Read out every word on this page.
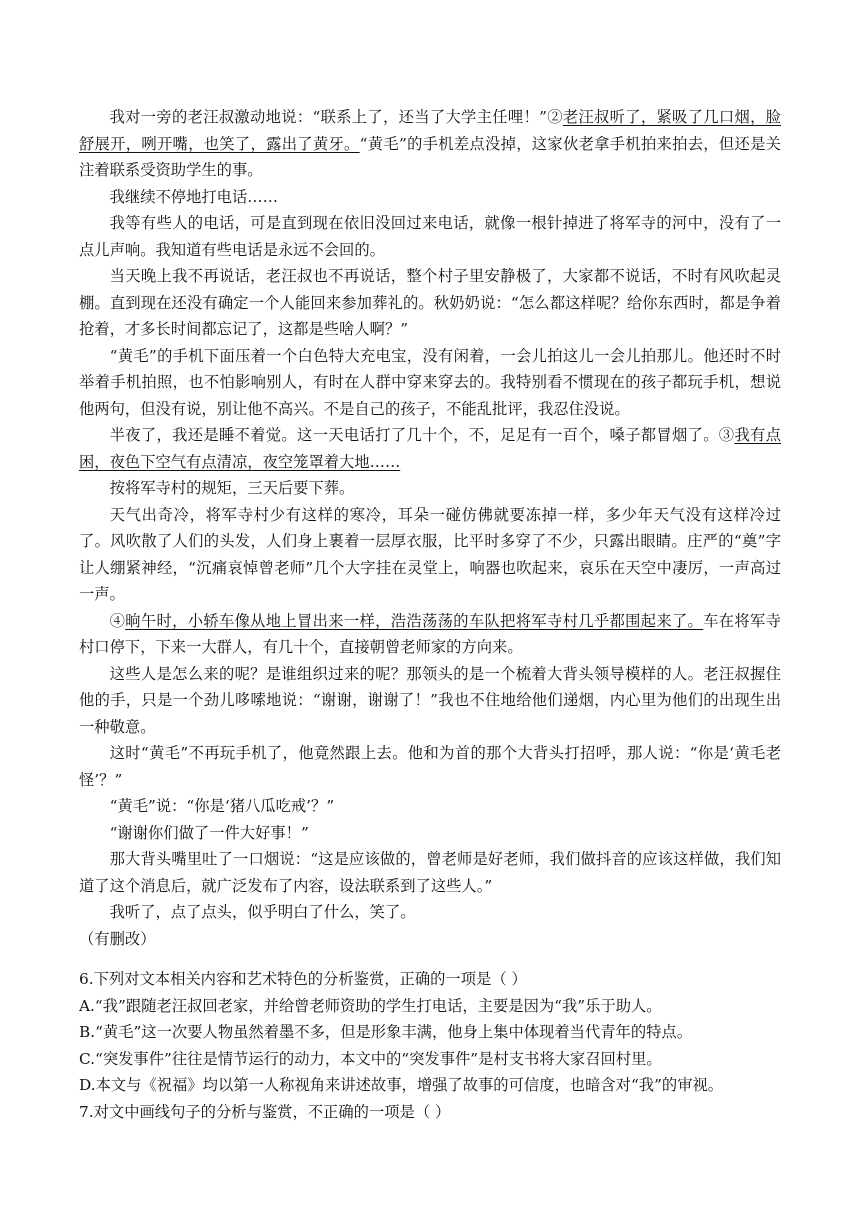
我对一旁的老汪叔激动地说：“联系上了，还当了大学主任哩！”②老汪叔听了，紧吸了几口烟，脸舒展开，咧开嘴，也笑了，露出了黄牙。“黄毛”的手机差点没掉，这家伙老拿手机拍来拍去，但还是关注着联系受资助学生的事。

我继续不停地打电话……

我等有些人的电话，可是直到现在依旧没回过来电话，就像一根针掉进了将军寺的河中，没有了一点儿声响。我知道有些电话是永远不会回的。

当天晚上我不再说话，老汪叔也不再说话，整个村子里安静极了，大家都不说话，不时有风吹起灵棚。直到现在还没有确定一个人能回来参加葬礼的。秋奶奶说：“怎么都这样呢？给你东西时，都是争着抢着，才多长时间都忘记了，这都是些啥人啊？”

“黄毛”的手机下面压着一个白色特大充电宝，没有闲着，一会儿拍这儿一会儿拍那儿。他还时不时举着手机拍照，也不怕影响别人，有时在人群中穿来穿去的。我特别看不惯现在的孩子都玩手机，想说他两句，但没有说，别让他不高兴。不是自己的孩子，不能乱批评，我忍住没说。

半夜了，我还是睡不着觉。这一天电话打了几十个，不，足足有一百个，嗓子都冒烟了。③我有点困，夜色下空气有点清凉，夜空笼罩着大地……

按将军寺村的规矩，三天后要下葬。

天气出奇冷，将军寺村少有这样的寒冷，耳朵一碰仿佛就要冻掉一样，多少年天气没有这样冷过了。风吹散了人们的头发，人们身上裹着一层厚衣服，比平时多穿了不少，只露出眼睛。庄严的“奠”字让人绷紧神经，“沉痛哀悼曾老师”几个大字挂在灵堂上，响器也吹起来，哀乐在天空中凄厉，一声高过一声。

④晌午时，小轿车像从地上冒出来一样，浩浩荡荡的车队把将军寺村几乎都围起来了。车在将军寺村口停下，下来一大群人，有几十个，直接朝曾老师家的方向来。

这些人是怎么来的呢？是谁组织过来的呢？那领头的是一个梳着大背头领导模样的人。老汪叔握住他的手，只是一个劲儿哆嗦地说：“谢谢，谢谢了！”我也不住地给他们递烟，内心里为他们的出现生出一种敬意。

这时“黄毛”不再玩手机了，他竟然跟上去。他和为首的那个大背头打招呼，那人说：“你是‘黄毛老怪’？”

“黄毛”说：“你是‘猪八瓜吃戒’？”

“谢谢你们做了一件大好事！”

那大背头嘴里吐了一口烟说：“这是应该做的，曾老师是好老师，我们做抖音的应该这样做，我们知道了这个消息后，就广泛发布了内容，设法联系到了这些人。”

我听了，点了点头，似乎明白了什么，笑了。

（有删改）

6.下列对文本相关内容和艺术特色的分析鉴赏，正确的一项是（ ）

A.“我”跟随老汪叔回老家，并给曾老师资助的学生打电话，主要是因为“我”乐于助人。

B.“黄毛”这一次要人物虽然着墨不多，但是形象丰满，他身上集中体现着当代青年的特点。

C.“突发事件”往往是情节运行的动力，本文中的“突发事件”是村支书将大家召回村里。

D.本文与《祝福》均以第一人称视角来讲述故事，增强了故事的可信度，也暗含对“我”的审视。

7.对文中画线句子的分析与鉴赏，不正确的一项是（ ）
